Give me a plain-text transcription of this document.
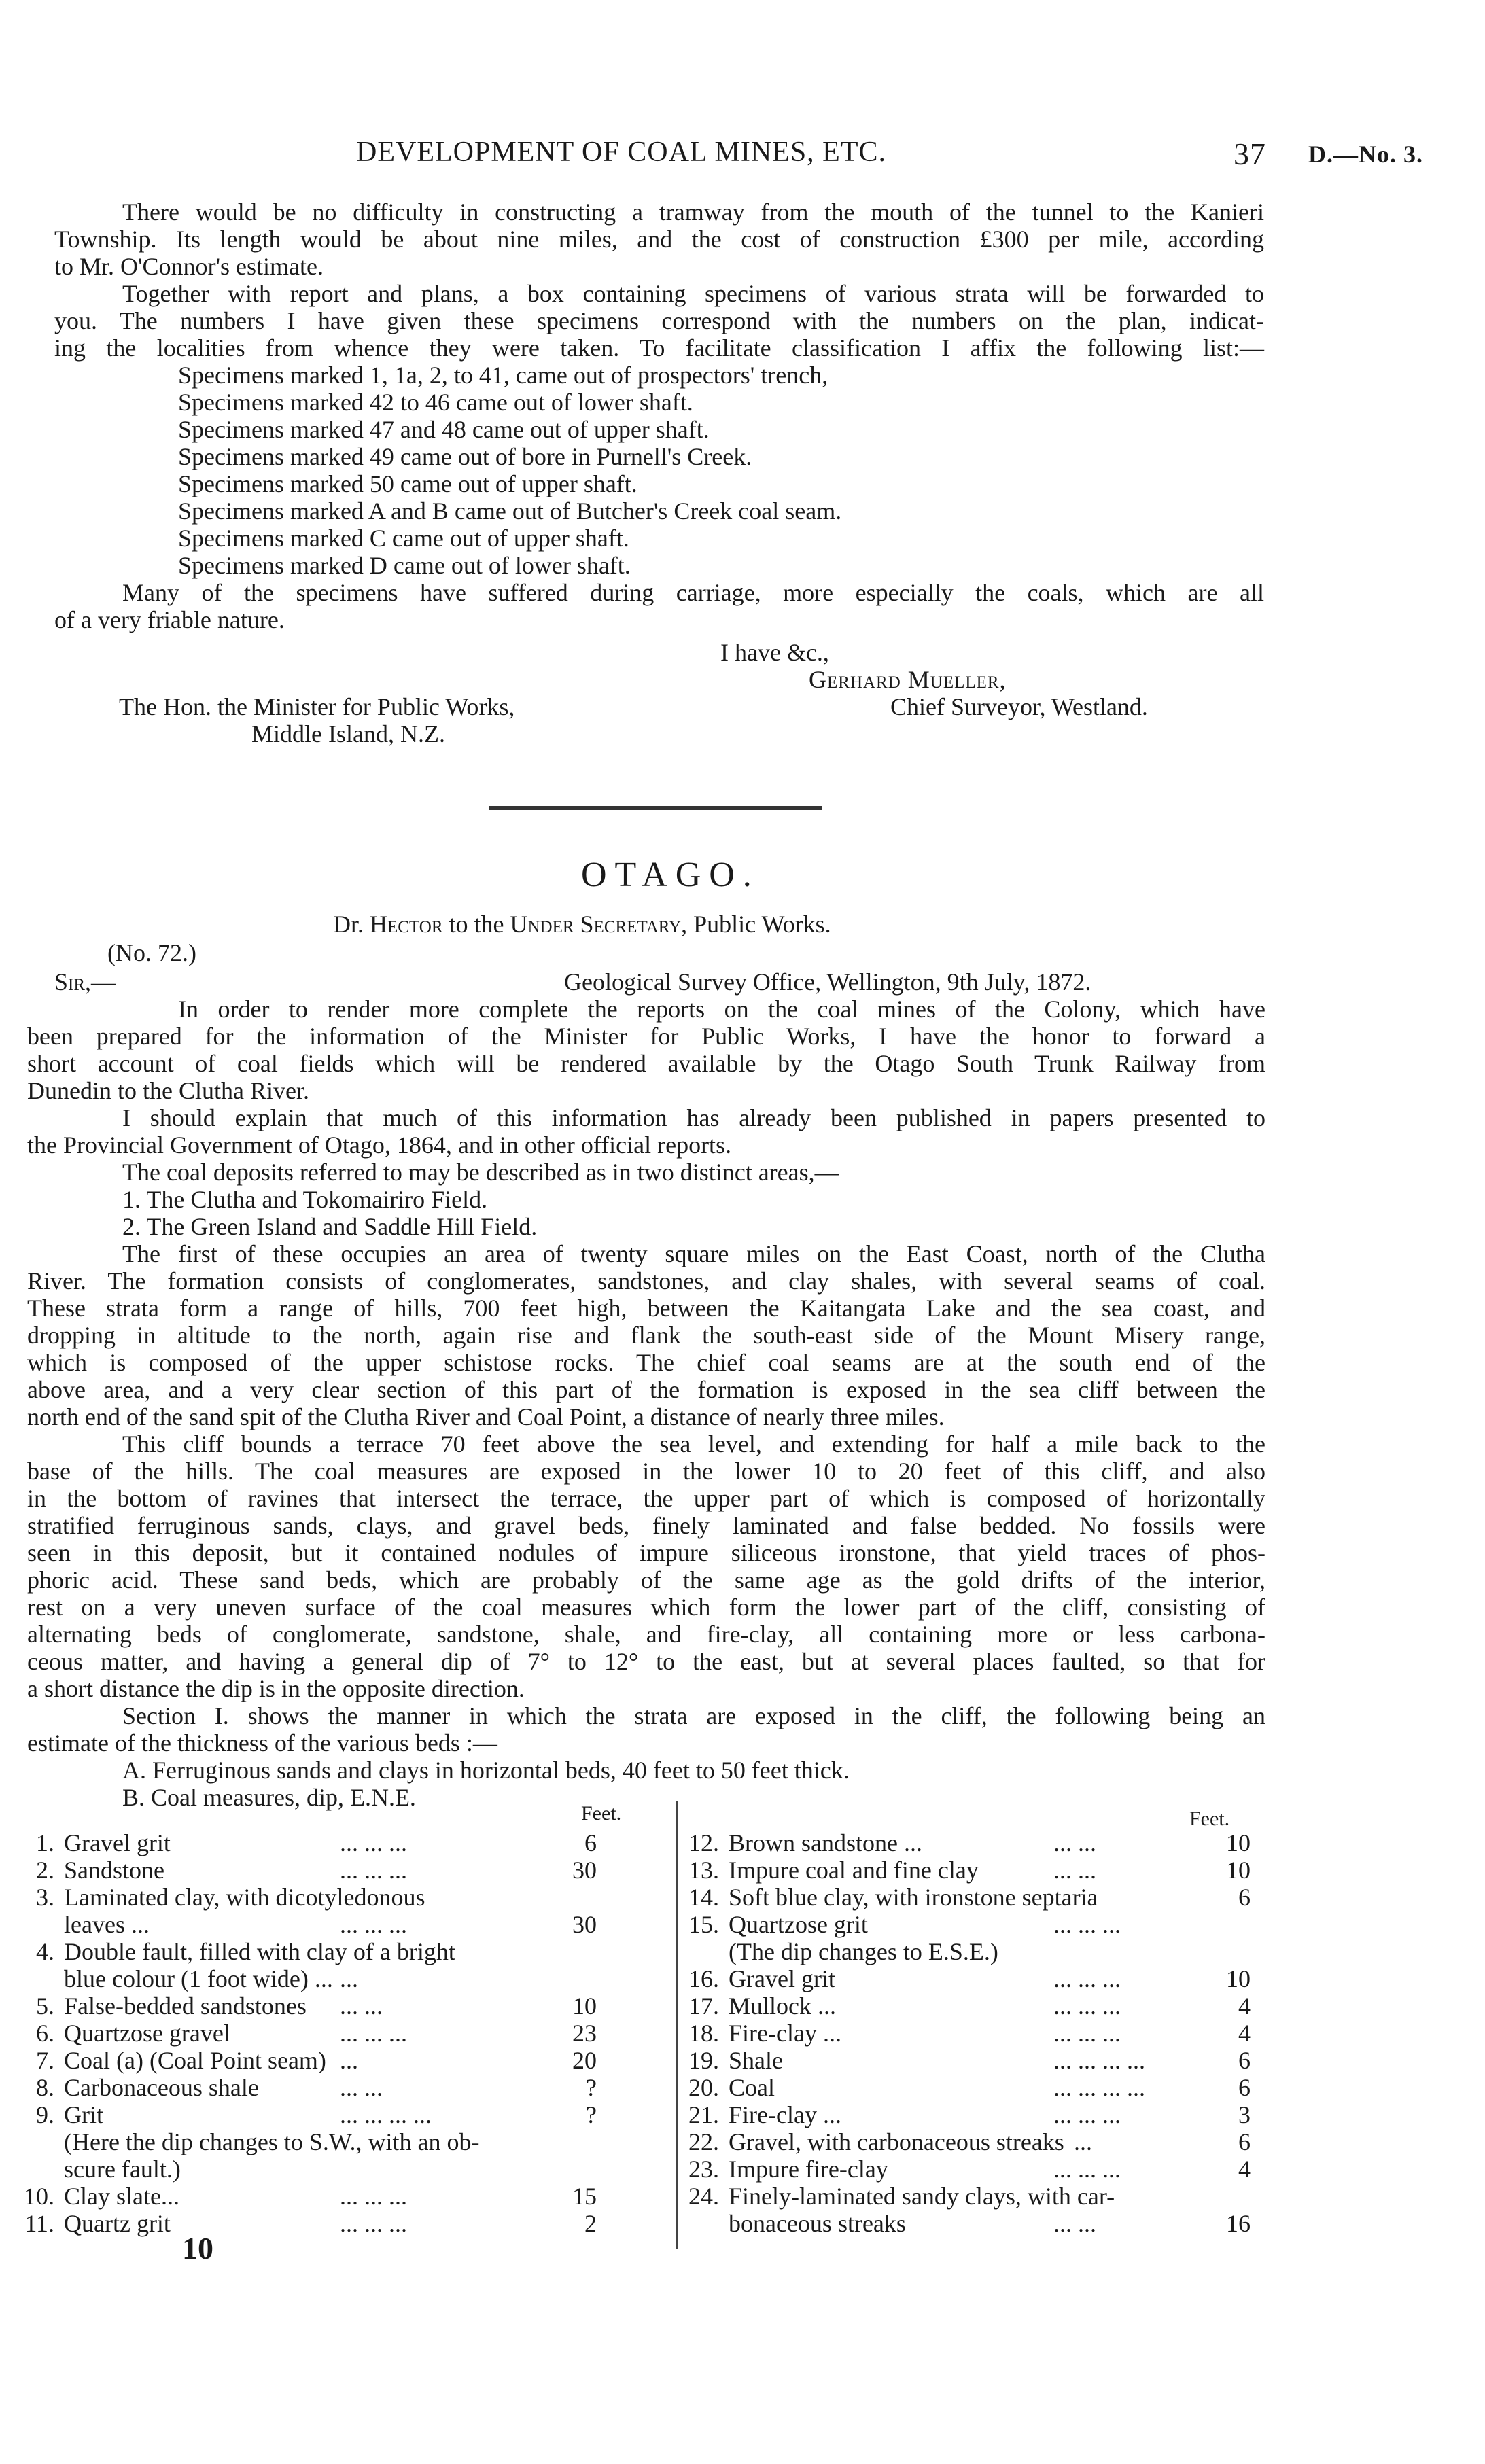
DEVELOPMENT OF COAL MINES, ETC.	37 D.—No. 3.
There would be no difficulty in constructing a tramway from the mouth of the tunnel to the Kanieri
Township. Its length would be about nine miles, and the cost of construction £300 per mile, according
to Mr. O'Connor's estimate.
Together with report and plans, a box containing specimens of various strata will be forwarded to
you. The numbers I have given these specimens correspond with the numbers on the plan, indicat-
ing the localities from whence they were taken. To facilitate classification I affix the following list:—
Specimens marked 1, 1a, 2, to 41, came out of prospectors' trench,
Specimens marked 42 to 46 came out of lower shaft.
Specimens marked 47 and 48 came out of upper shaft.
Specimens marked 49 came out of bore in Purnell's Creek.
Specimens marked 50 came out of upper shaft.
Specimens marked A and B came out of Butcher's Creek coal seam.
Specimens marked C came out of upper shaft.
Specimens marked D came out of lower shaft.
Many of the specimens have suffered during carriage, more especially the coals, which are all
of a very friable nature.
I have &c.,
Gerhard Mueller,
The Hon. the Minister for Public Works,	Chief Surveyor, Westland.
Middle Island, N.Z.
OTAGO.
Dr. Hector to the Under Secretary, Public Works.
(No. 72.)
Sir,—	Geological Survey Office, Wellington, 9th July, 1872.
In order to render more complete the reports on the coal mines of the Colony, which have
been prepared for the information of the Minister for Public Works, I have the honor to forward a
short account of coal fields which will be rendered available by the Otago South Trunk Railway from
Dunedin to the Clutha River.
I should explain that much of this information has already been published in papers presented to
the Provincial Government of Otago, 1864, and in other official reports.
The coal deposits referred to may be described as in two distinct areas,—
1. The Clutha and Tokomairiro Field.
2. The Green Island and Saddle Hill Field.
The first of these occupies an area of twenty square miles on the East Coast, north of the Clutha
River. The formation consists of conglomerates, sandstones, and clay shales, with several seams of coal.
These strata form a range of hills, 700 feet high, between the Kaitangata Lake and the sea coast, and
dropping in altitude to the north, again rise and flank the south-east side of the Mount Misery range,
which is composed of the upper schistose rocks. The chief coal seams are at the south end of the
above area, and a very clear section of this part of the formation is exposed in the sea cliff between the
north end of the sand spit of the Clutha River and Coal Point, a distance of nearly three miles.
This cliff bounds a terrace 70 feet above the sea level, and extending for half a mile back to the
base of the hills. The coal measures are exposed in the lower 10 to 20 feet of this cliff, and also
in the bottom of ravines that intersect the terrace, the upper part of which is composed of horizontally
stratified ferruginous sands, clays, and gravel beds, finely laminated and false bedded. No fossils were
seen in this deposit, but it contained nodules of impure siliceous ironstone, that yield traces of phos-
phoric acid. These sand beds, which are probably of the same age as the gold drifts of the interior,
rest on a very uneven surface of the coal measures which form the lower part of the cliff, consisting of
alternating beds of conglomerate, sandstone, shale, and fire-clay, all containing more or less carbona-
ceous matter, and having a general dip of 7° to 12° to the east, but at several places faulted, so that for
a short distance the dip is in the opposite direction.
Section I. shows the manner in which the strata are exposed in the cliff, the following being an
estimate of the thickness of the various beds :—
A. Ferruginous sands and clays in horizontal beds, 40 feet to 50 feet thick.
B. Coal measures, dip, E.N.E.
Feet.	Feet.
1. Gravel grit	... ... ...	6
2. Sandstone	... ... ...	30
3. Laminated clay, with dicotyledonous
leaves ...	... ... ...	30
4. Double fault, filled with clay of a bright
blue colour (1 foot wide) ... ...
5. False-bedded sandstones ... ...	10
6. Quartzose gravel	... ... ...	23
7. Coal (a) (Coal Point seam) ...	20
8. Carbonaceous shale	... ...	?
9. Grit	... ... ... ...	?
(Here the dip changes to S.W., with an ob-
scure fault.)
10. Clay slate...	... ... ...	15
11. Quartz grit	... ... ...	2
12. Brown sandstone ...	... ...	10
13. Impure coal and fine clay	... ...	10
14. Soft blue clay, with ironstone septaria	6
15. Quartzose grit	... ... ...
(The dip changes to E.S.E.)
16. Gravel grit	... ... ...	10
17. Mullock ...	... ... ...	4
18. Fire-clay ...	... ... ...	4
19. Shale	... ... ... ...	6
20. Coal	... ... ... ...	6
21. Fire-clay ...	... ... ...	3
22. Gravel, with carbonaceous streaks ...	6
23. Impure fire-clay	... ... ...	4
24. Finely-laminated sandy clays, with car-
bonaceous streaks	... ...	16
10
